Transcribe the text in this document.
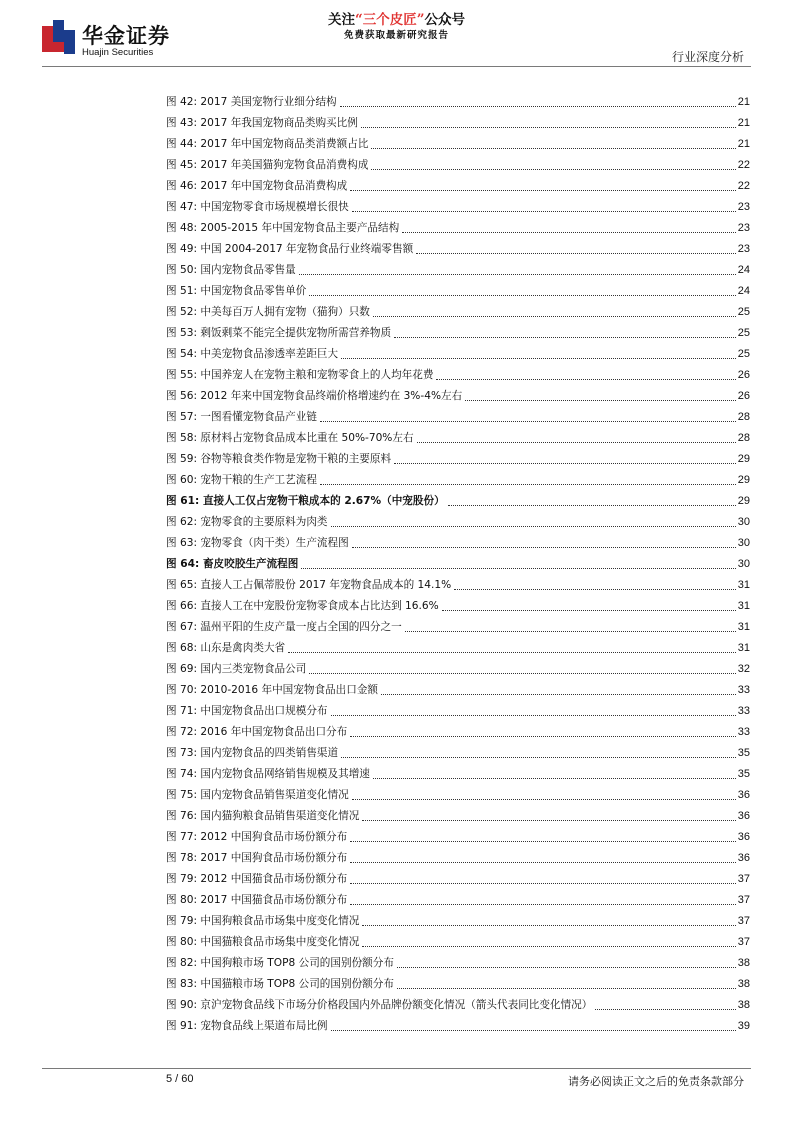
华金证券
Huajin Securities
关注“三个皮匠”公众号
免费获取最新研究报告
行业深度分析
图 42: 2017 美国宠物行业细分结构	21
图 43: 2017 年我国宠物商品类购买比例	21
图 44: 2017 年中国宠物商品类消费额占比	21
图 45: 2017 年美国猫狗宠物食品消费构成	22
图 46: 2017 年中国宠物食品消费构成	22
图 47: 中国宠物零食市场规模增长很快	23
图 48: 2005-2015 年中国宠物食品主要产品结构	23
图 49: 中国 2004-2017 年宠物食品行业终端零售额	23
图 50: 国内宠物食品零售量	24
图 51: 中国宠物食品零售单价	24
图 52: 中美每百万人拥有宠物（猫狗）只数	25
图 53: 剩饭剩菜不能完全提供宠物所需营养物质	25
图 54: 中美宠物食品渗透率差距巨大	25
图 55: 中国养宠人在宠物主粮和宠物零食上的人均年花费	26
图 56: 2012 年来中国宠物食品终端价格增速约在 3%-4%左右	26
图 57: 一图看懂宠物食品产业链	28
图 58: 原材料占宠物食品成本比重在 50%-70%左右	28
图 59: 谷物等粮食类作物是宠物干粮的主要原料	29
图 60: 宠物干粮的生产工艺流程	29
图 61: 直接人工仅占宠物干粮成本的 2.67%（中宠股份）	29
图 62: 宠物零食的主要原料为肉类	30
图 63: 宠物零食（肉干类）生产流程图	30
图 64: 畜皮咬胶生产流程图	30
图 65: 直接人工占佩蒂股份 2017 年宠物食品成本的 14.1%	31
图 66: 直接人工在中宠股份宠物零食成本占比达到 16.6%	31
图 67: 温州平阳的生皮产量一度占全国的四分之一	31
图 68: 山东是禽肉类大省	31
图 69: 国内三类宠物食品公司	32
图 70: 2010-2016 年中国宠物食品出口金额	33
图 71: 中国宠物食品出口规模分布	33
图 72: 2016 年中国宠物食品出口分布	33
图 73: 国内宠物食品的四类销售渠道	35
图 74: 国内宠物食品网络销售规模及其增速	35
图 75: 国内宠物食品销售渠道变化情况	36
图 76: 国内猫狗粮食品销售渠道变化情况	36
图 77: 2012 中国狗食品市场份额分布	36
图 78: 2017 中国狗食品市场份额分布	36
图 79: 2012 中国猫食品市场份额分布	37
图 80: 2017 中国猫食品市场份额分布	37
图 79: 中国狗粮食品市场集中度变化情况	37
图 80: 中国猫粮食品市场集中度变化情况	37
图 82: 中国狗粮市场 TOP8 公司的国别份额分布	38
图 83: 中国猫粮市场 TOP8 公司的国别份额分布	38
图 90: 京沪宠物食品线下市场分价格段国内外品牌份额变化情况（箭头代表同比变化情况）	38
图 91: 宠物食品线上渠道布局比例	39
5 / 60	请务必阅读正文之后的免责条款部分
